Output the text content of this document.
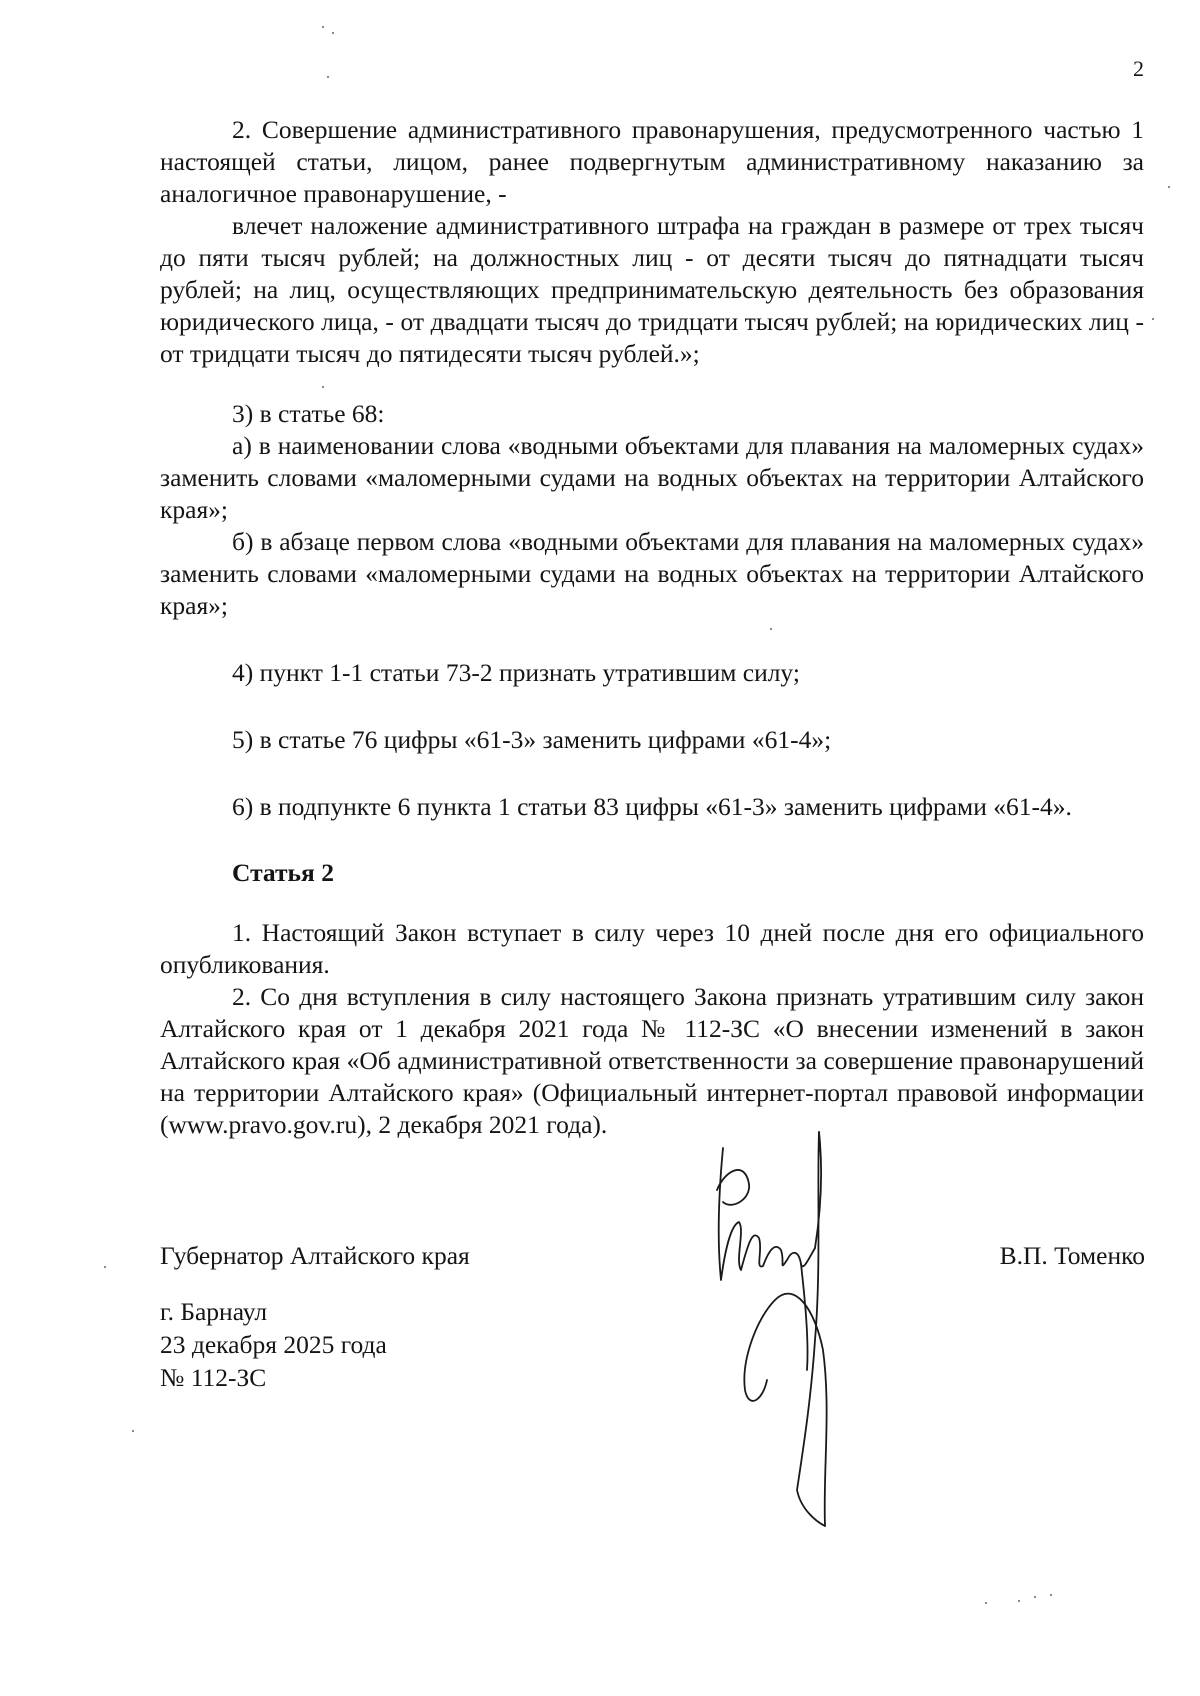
2

2. Совершение административного правонарушения, предусмотренного частью 1 настоящей статьи, лицом, ранее подвергнутым административному наказанию за аналогичное правонарушение, -

влечет наложение административного штрафа на граждан в размере от трех тысяч до пяти тысяч рублей; на должностных лиц - от десяти тысяч до пятнадцати тысяч рублей; на лиц, осуществляющих предпринимательскую деятельность без образования юридического лица, - от двадцати тысяч до тридцати тысяч рублей; на юридических лиц - от тридцати тысяч до пятидесяти тысяч рублей.»;

3) в статье 68:

а) в наименовании слова «водными объектами для плавания на маломерных судах» заменить словами «маломерными судами на водных объектах на территории Алтайского края»;

б) в абзаце первом слова «водными объектами для плавания на маломерных судах» заменить словами «маломерными судами на водных объектах на территории Алтайского края»;

4) пункт 1-1 статьи 73-2 признать утратившим силу;

5) в статье 76 цифры «61-3» заменить цифрами «61-4»;

6) в подпункте 6 пункта 1 статьи 83 цифры «61-3» заменить цифрами «61-4».

Статья 2

1. Настоящий Закон вступает в силу через 10 дней после дня его официального опубликования.

2. Со дня вступления в силу настоящего Закона признать утратившим силу закон Алтайского края от 1 декабря 2021 года № 112-ЗС «О внесении изменений в закон Алтайского края «Об административной ответственности за совершение правонарушений на территории Алтайского края» (Официальный интернет-портал правовой информации (www.pravo.gov.ru), 2 декабря 2021 года).

Губернатор Алтайского края	В.П. Томенко
г. Барнаул
23 декабря 2025 года
№ 112-ЗС
